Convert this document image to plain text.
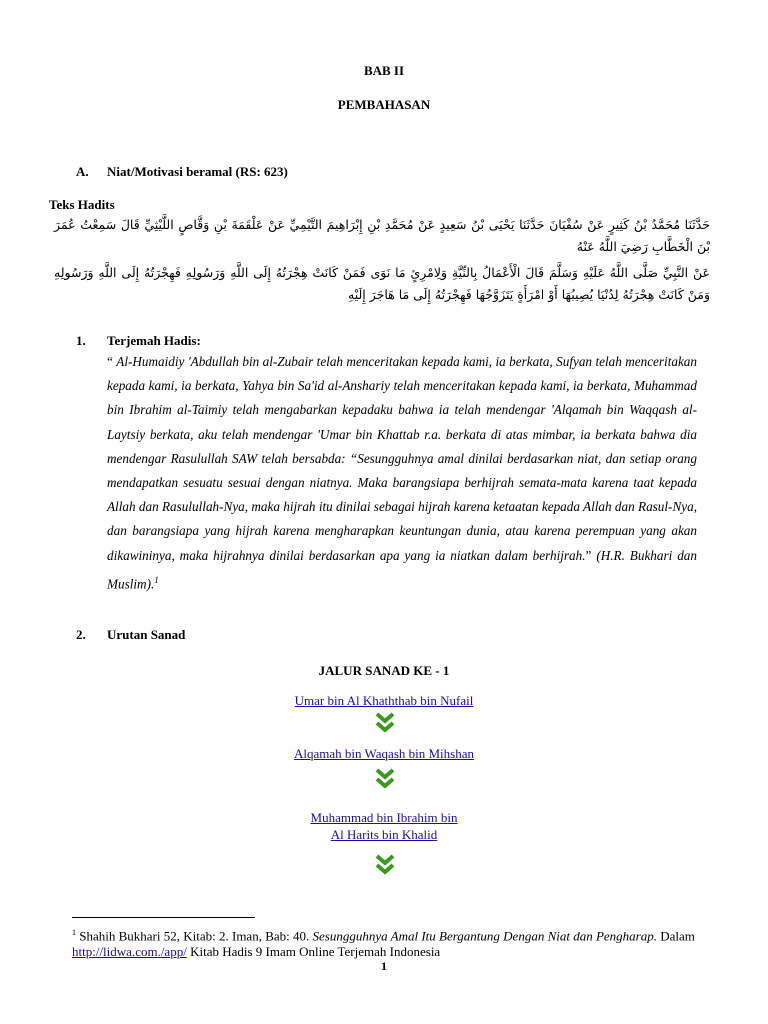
BAB II
PEMBAHASAN
A. Niat/Motivasi beramal (RS: 623)
Teks Hadits
حَدَّثَنَا مُحَمَّدُ بْنُ كَثِيرٍ عَنْ سُفْيَانَ حَدَّثَنَا يَحْيَى بْنُ سَعِيدٍ عَنْ مُحَمَّدِ بْنِ إِبْرَاهِيمَ التَّيْمِيِّ عَنْ عَلْقَمَةَ بْنِ وَقَّاصٍ اللَّيْثِيِّ قَالَ سَمِعْتُ عُمَرَ بْنَ الْخَطَّابِ رَضِيَ اللَّهُ عَنْهُ
عَنْ النَّبِيِّ صَلَّى اللَّهُ عَلَيْهِ وَسَلَّمَ قَالَ الْأَعْمَالُ بِالنِّيَّةِ وَلِامْرِئٍ مَا نَوَى فَمَنْ كَانَتْ هِجْرَتُهُ إِلَى اللَّهِ وَرَسُولِهِ فَهِجْرَتُهُ إِلَى اللَّهِ وَرَسُولِهِ وَمَنْ كَانَتْ هِجْرَتُهُ لِدُنْيَا يُصِيبُهَا أَوْ امْرَأَةٍ يَتَزَوَّجُهَا فَهِجْرَتُهُ إِلَى مَا هَاجَرَ إِلَيْهِ
1. Terjemah Hadis:

“ Al-Humaidiy 'Abdullah bin al-Zubair telah menceritakan kepada kami, ia berkata, Sufyan telah menceritakan kepada kami, ia berkata, Yahya bin Sa'id al-Anshariy telah menceritakan kepada kami, ia berkata, Muhammad bin Ibrahim al-Taimiy telah mengabarkan kepadaku bahwa ia telah mendengar 'Alqamah bin Waqqash al-Laytsiy berkata, aku telah mendengar 'Umar bin Khattab r.a. berkata di atas mimbar, ia berkata bahwa dia mendengar Rasulullah SAW telah bersabda: “Sesungguhnya amal dinilai berdasarkan niat, dan setiap orang mendapatkan sesuatu sesuai dengan niatnya. Maka barangsiapa berhijrah semata-mata karena taat kepada Allah dan Rasulullah-Nya, maka hijrah itu dinilai sebagai hijrah karena ketaatan kepada Allah dan Rasul-Nya, dan barangsiapa yang hijrah karena mengharapkan keuntungan dunia, atau karena perempuan yang akan dikawininya, maka hijrahnya dinilai berdasarkan apa yang ia niatkan dalam berhijrah.” (H.R. Bukhari dan Muslim).$^1$

2. Urutan Sanad
JALUR SANAD KE - 1
Umar bin Al Khaththab bin Nufail
Alqamah bin Waqash bin Mihshan
Muhammad bin Ibrahim bin
Al Harits bin Khalid

$^1$ Shahih Bukhari 52, Kitab: 2. Iman, Bab: 40. Sesungguhnya Amal Itu Bergantung Dengan Niat dan Pengharap. Dalam http://lidwa.com./app/ Kitab Hadis 9 Imam Online Terjemah Indonesia

1
